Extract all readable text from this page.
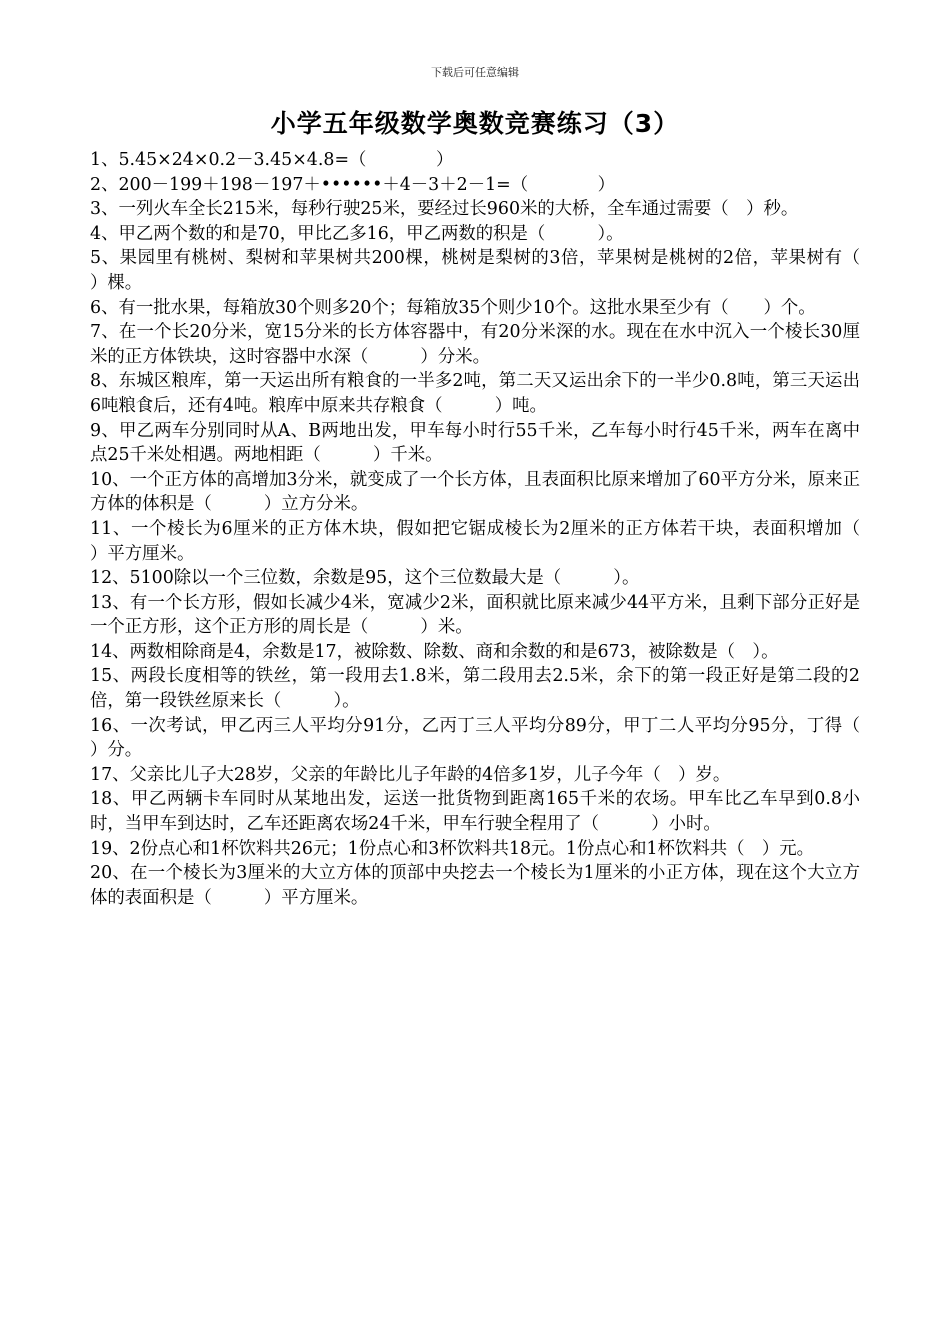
下载后可任意编辑
小学五年级数学奥数竞赛练习（3）
1、5.45×24×0.2－3.45×4.8=（　　　　）
2、200－199＋198－197＋••••••＋4－3＋2－1=（　　　　）
3、一列火车全长215米，每秒行驶25米，要经过长960米的大桥，全车通过需要（　）秒。
4、甲乙两个数的和是70，甲比乙多16，甲乙两数的积是（　　　）。
5、果园里有桃树、梨树和苹果树共200棵，桃树是梨树的3倍，苹果树是桃树的2倍，苹果树有（　　　）棵。
6、有一批水果，每箱放30个则多20个；每箱放35个则少10个。这批水果至少有（　　）个。
7、在一个长20分米，宽15分米的长方体容器中，有20分米深的水。现在在水中沉入一个棱长30厘米的正方体铁块，这时容器中水深（　　　）分米。
8、东城区粮库，第一天运出所有粮食的一半多2吨，第二天又运出余下的一半少0.8吨，第三天运出6吨粮食后，还有4吨。粮库中原来共存粮食（　　　）吨。
9、甲乙两车分别同时从A、B两地出发，甲车每小时行55千米，乙车每小时行45千米，两车在离中点25千米处相遇。两地相距（　　　）千米。
10、一个正方体的高增加3分米，就变成了一个长方体，且表面积比原来增加了60平方分米，原来正方体的体积是（　　　）立方分米。
11、一个棱长为6厘米的正方体木块，假如把它锯成棱长为2厘米的正方体若干块，表面积增加（　　　）平方厘米。
12、5100除以一个三位数，余数是95，这个三位数最大是（　　　）。
13、有一个长方形，假如长减少4米，宽减少2米，面积就比原来减少44平方米，且剩下部分正好是一个正方形，这个正方形的周长是（　　　）米。
14、两数相除商是4，余数是17，被除数、除数、商和余数的和是673，被除数是（　）。
15、两段长度相等的铁丝，第一段用去1.8米，第二段用去2.5米，余下的第一段正好是第二段的2倍，第一段铁丝原来长（　　　）。
16、一次考试，甲乙丙三人平均分91分，乙丙丁三人平均分89分，甲丁二人平均分95分，丁得（　　　）分。
17、父亲比儿子大28岁，父亲的年龄比儿子年龄的4倍多1岁，儿子今年（　）岁。
18、甲乙两辆卡车同时从某地出发，运送一批货物到距离165千米的农场。甲车比乙车早到0.8小时，当甲车到达时，乙车还距离农场24千米，甲车行驶全程用了（　　　）小时。
19、2份点心和1杯饮料共26元；1份点心和3杯饮料共18元。1份点心和1杯饮料共（　）元。
20、在一个棱长为3厘米的大立方体的顶部中央挖去一个棱长为1厘米的小正方体，现在这个大立方体的表面积是（　　　）平方厘米。
